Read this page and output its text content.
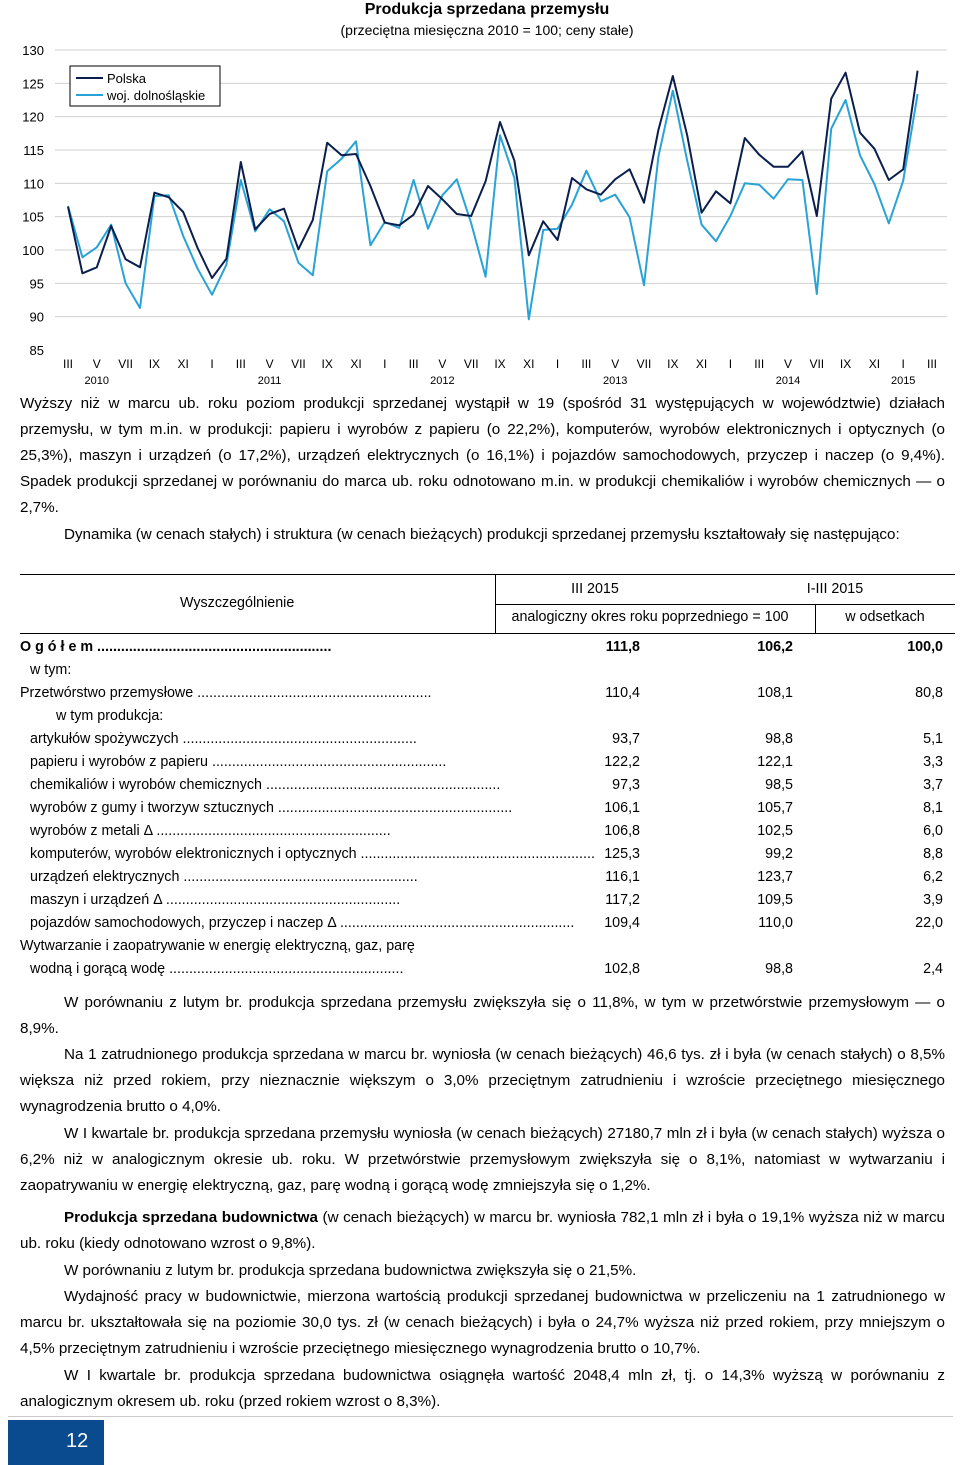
Produkcja sprzedana przemysłu
(przeciętna miesięczna 2010 = 100; ceny stałe)
130
125
120
115
110
105
100
95
90
85
III V VII IX XI I III V VII IX XI I III V VII IX XI I III V VII IX XI I III V VII IX XI I III
2010	2011	2012	2013	2014	2015
Polska
woj. dolnośląskie

Wyższy niż w marcu ub. roku poziom produkcji sprzedanej wystąpił w 19 (spośród 31 występujących w województwie) działach przemysłu, w tym m.in. w produkcji: papieru i wyrobów z papieru (o 22,2%), komputerów, wyrobów elektronicznych i optycznych (o 25,3%), maszyn i urządzeń (o 17,2%), urządzeń elektrycznych (o 16,1%) i pojazdów samochodowych, przyczep i naczep (o 9,4%). Spadek produkcji sprzedanej w porównaniu do marca ub. roku odnotowano m.in. w produkcji chemikaliów i wyrobów chemicznych — o 2,7%.

Dynamika (w cenach stałych) i struktura (w cenach bieżących) produkcji sprzedanej przemysłu kształtowały się następująco:

Wyszczególnienie
III 2015	I-III 2015
analogiczny okres roku poprzedniego = 100	w odsetkach
O g ó ł e m ...........................................................	111,8	106,2	100,0
w tym:
Przetwórstwo przemysłowe ...........................................................	110,4	108,1	80,8
w tym produkcja:
artykułów spożywczych ...........................................................	93,7	98,8	5,1
papieru i wyrobów z papieru ...........................................................	122,2	122,1	3,3
chemikaliów i wyrobów chemicznych ...........................................................	97,3	98,5	3,7
wyrobów z gumy i tworzyw sztucznych ...........................................................	106,1	105,7	8,1
wyrobów z metali Δ ...........................................................	106,8	102,5	6,0
komputerów, wyrobów elektronicznych i optycznych ........................................................... 125,3	99,2	8,8
urządzeń elektrycznych ...........................................................	116,1	123,7	6,2
maszyn i urządzeń Δ ...........................................................	117,2	109,5	3,9
pojazdów samochodowych, przyczep i naczep Δ ........................................................... 109,4	110,0	22,0
Wytwarzanie i zaopatrywanie w energię elektryczną, gaz, parę
wodną i gorącą wodę ...........................................................	102,8	98,8	2,4

W porównaniu z lutym br. produkcja sprzedana przemysłu zwiększyła się o 11,8%, w tym w przetwórstwie przemysłowym — o 8,9%.

Na 1 zatrudnionego produkcja sprzedana w marcu br. wyniosła (w cenach bieżących) 46,6 tys. zł i była (w cenach stałych) o 8,5% większa niż przed rokiem, przy nieznacznie większym o 3,0% przeciętnym zatrudnieniu i wzroście przeciętnego miesięcznego wynagrodzenia brutto o 4,0%.

W I kwartale br. produkcja sprzedana przemysłu wyniosła (w cenach bieżących) 27180,7 mln zł i była (w cenach stałych) wyższa o 6,2% niż w analogicznym okresie ub. roku. W przetwórstwie przemysłowym zwiększyła się o 8,1%, natomiast w wytwarzaniu i zaopatrywaniu w energię elektryczną, gaz, parę wodną i gorącą wodę zmniejszyła się o 1,2%.

Produkcja sprzedana budownictwa (w cenach bieżących) w marcu br. wyniosła 782,1 mln zł i była o 19,1% wyższa niż w marcu ub. roku (kiedy odnotowano wzrost o 9,8%).

W porównaniu z lutym br. produkcja sprzedana budownictwa zwiększyła się o 21,5%.

Wydajność pracy w budownictwie, mierzona wartością produkcji sprzedanej budownictwa w przeliczeniu na 1 zatrudnionego w marcu br. ukształtowała się na poziomie 30,0 tys. zł (w cenach bieżących) i była o 24,7% wyższa niż przed rokiem, przy mniejszym o 4,5% przeciętnym zatrudnieniu i wzroście przeciętnego miesięcznego wynagrodzenia brutto o 10,7%.

W I kwartale br. produkcja sprzedana budownictwa osiągnęła wartość 2048,4 mln zł, tj. o 14,3% wyższą w porównaniu z analogicznym okresem ub. roku (przed rokiem wzrost o 8,3%).

12
